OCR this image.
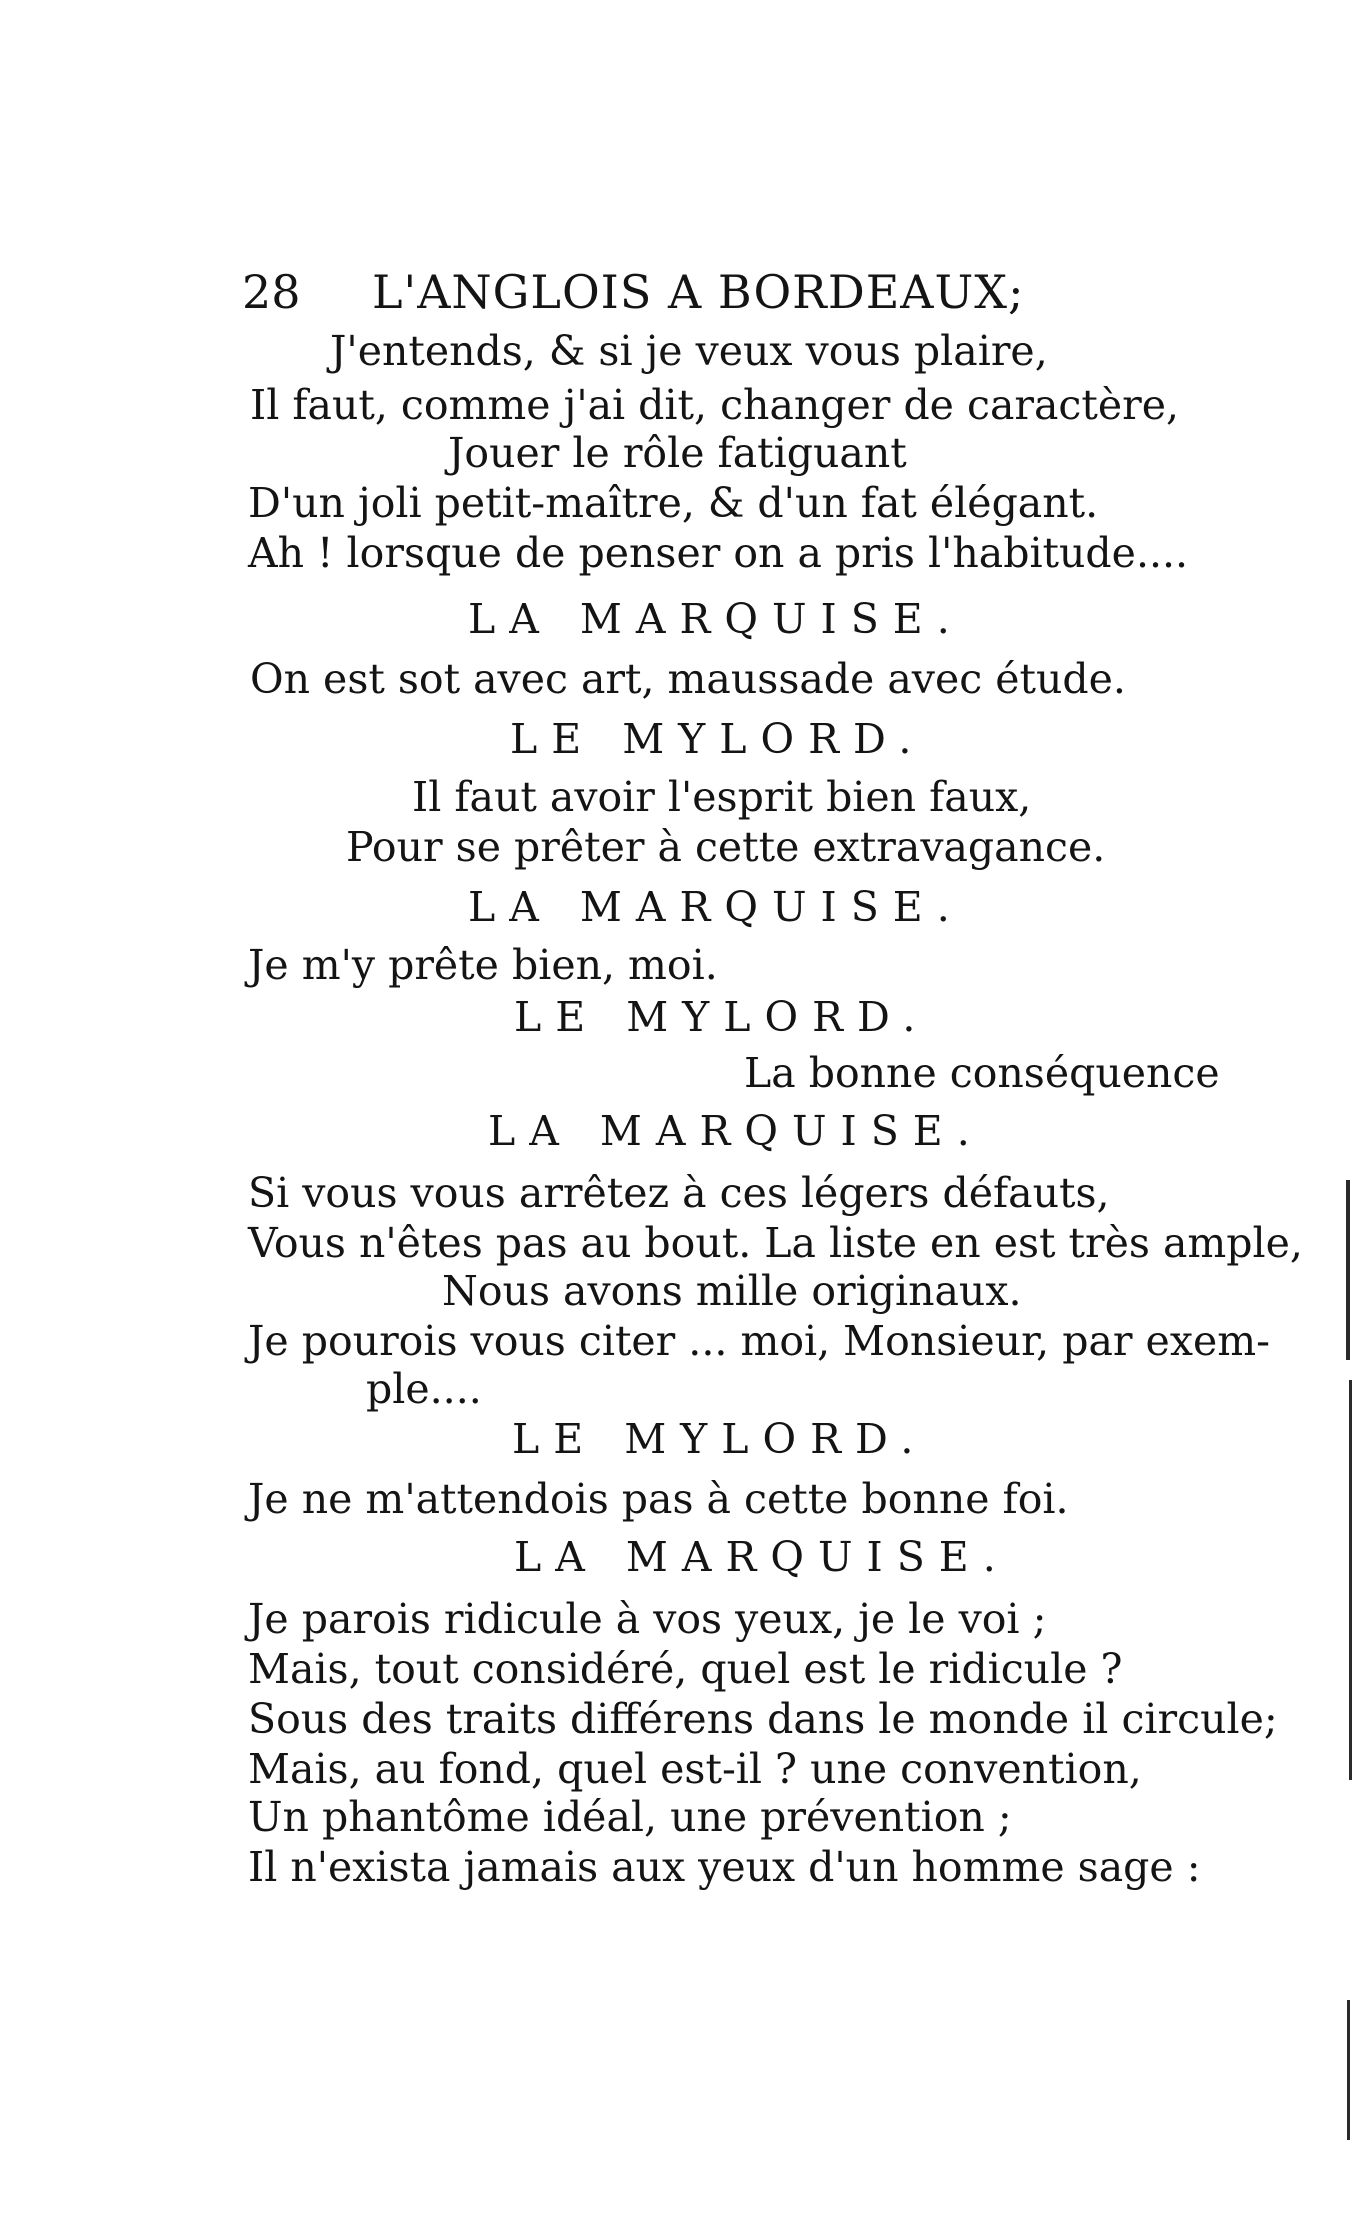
28 L'ANGLOIS A BORDEAUX;
J'entends, & si je veux vous plaire,
Il faut, comme j'ai dit, changer de caractère,
Jouer le rôle fatiguant
D'un joli petit-maître, & d'un fat élégant.
Ah ! lorsque de penser on a pris l'habitude....
LA MARQUISE.
On est sot avec art, maussade avec étude.
LE MYLORD.
Il faut avoir l'esprit bien faux,
Pour se prêter à cette extravagance.
LA MARQUISE.
Je m'y prête bien, moi.
LE MYLORD.
La bonne conséquence
LA MARQUISE.
Si vous vous arrêtez à ces légers défauts,
Vous n'êtes pas au bout. La liste en est très ample,
Nous avons mille originaux.
Je pourois vous citer ... moi, Monsieur, par exem-
ple....
LE MYLORD.
Je ne m'attendois pas à cette bonne foi.
LA MARQUISE.
Je parois ridicule à vos yeux, je le voi ;
Mais, tout considéré, quel est le ridicule ?
Sous des traits différens dans le monde il circule;
Mais, au fond, quel est-il ? une convention,
Un phantôme idéal, une prévention ;
Il n'exista jamais aux yeux d'un homme sage :
